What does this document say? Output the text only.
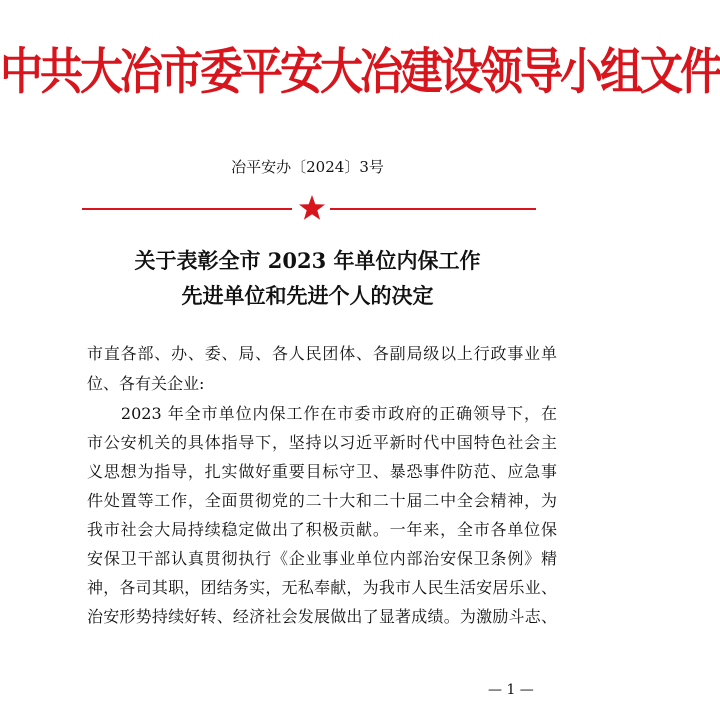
中共大冶市委平安大冶建设领导小组文件
冶平安办〔2024〕3号
关于表彰全市 2023 年单位内保工作
先进单位和先进个人的决定
市直各部、办、委、局、各人民团体、各副局级以上行政事业单
位、各有关企业:
　　2023 年全市单位内保工作在市委市政府的正确领导下，在
市公安机关的具体指导下，坚持以习近平新时代中国特色社会主
义思想为指导，扎实做好重要目标守卫、暴恐事件防范、应急事
件处置等工作，全面贯彻党的二十大和二十届二中全会精神，为
我市社会大局持续稳定做出了积极贡献。一年来，全市各单位保
安保卫干部认真贯彻执行《企业事业单位内部治安保卫条例》精
神，各司其职，团结务实，无私奉献，为我市人民生活安居乐业、
治安形势持续好转、经济社会发展做出了显著成绩。为激励斗志、
— 1 —
